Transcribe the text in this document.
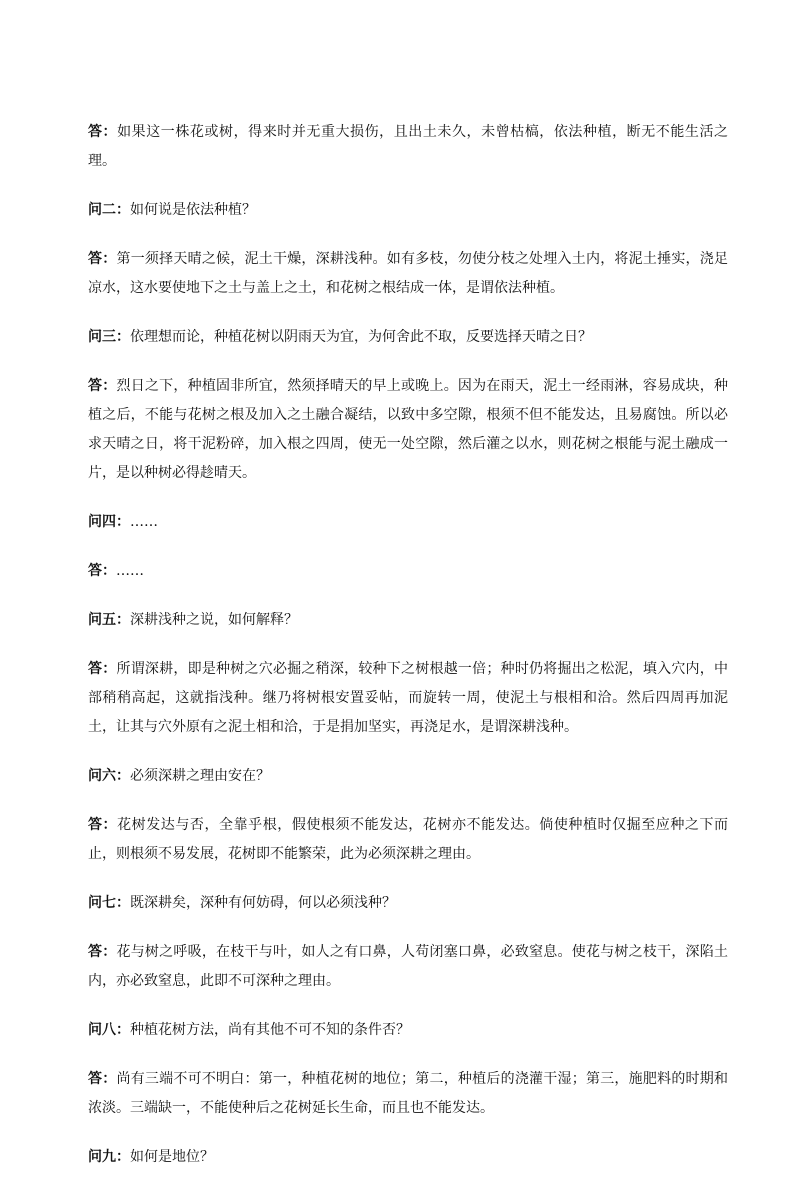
答：如果这一株花或树，得来时并无重大损伤，且出土未久，未曾枯槁，依法种植，断无不能生活之理。

问二：如何说是依法种植？

答：第一须择天晴之候，泥土干燥，深耕浅种。如有多枝，勿使分枝之处埋入土内，将泥土捶实，浇足凉水，这水要使地下之土与盖上之土，和花树之根结成一体，是谓依法种植。

问三：依理想而论，种植花树以阴雨天为宜，为何舍此不取，反要选择天晴之日？

答：烈日之下，种植固非所宜，然须择晴天的早上或晚上。因为在雨天，泥土一经雨淋，容易成块，种植之后，不能与花树之根及加入之土融合凝结，以致中多空隙，根须不但不能发达，且易腐蚀。所以必求天晴之日，将干泥粉碎，加入根之四周，使无一处空隙，然后灌之以水，则花树之根能与泥土融成一片，是以种树必得趁晴天。

问四：……

答：……

问五：深耕浅种之说，如何解释？

答：所谓深耕，即是种树之穴必掘之稍深，较种下之树根越一倍；种时仍将掘出之松泥，填入穴内，中部稍稍高起，这就指浅种。继乃将树根安置妥帖，而旋转一周，使泥土与根相和洽。然后四周再加泥土，让其与穴外原有之泥土相和洽，于是捐加坚实，再浇足水，是谓深耕浅种。

问六：必须深耕之理由安在？

答：花树发达与否，全靠乎根，假使根须不能发达，花树亦不能发达。倘使种植时仅掘至应种之下而止，则根须不易发展，花树即不能繁荣，此为必须深耕之理由。

问七：既深耕矣，深种有何妨碍，何以必须浅种？

答：花与树之呼吸，在枝干与叶，如人之有口鼻，人苟闭塞口鼻，必致窒息。使花与树之枝干，深陷土内，亦必致窒息，此即不可深种之理由。

问八：种植花树方法，尚有其他不可不知的条件否？

答：尚有三端不可不明白：第一，种植花树的地位；第二，种植后的浇灌干湿；第三，施肥料的时期和浓淡。三端缺一，不能使种后之花树延长生命，而且也不能发达。

问九：如何是地位？
